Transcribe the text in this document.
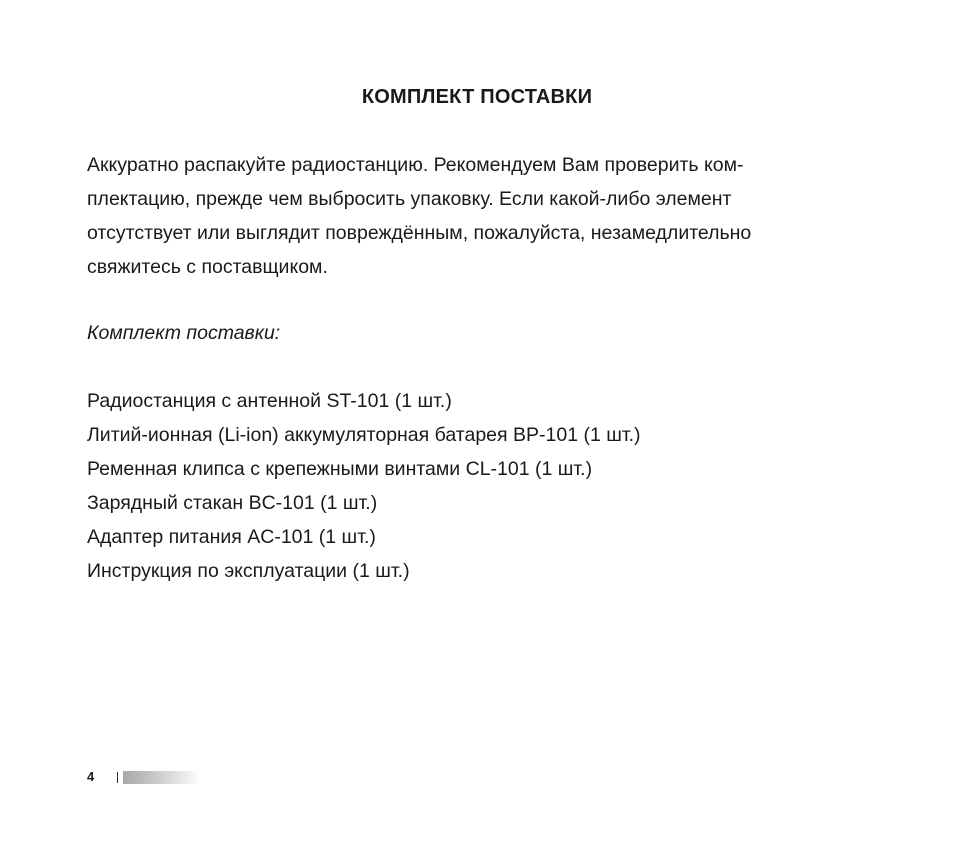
КОМПЛЕКТ ПОСТАВКИ
Аккуратно распакуйте радиостанцию. Рекомендуем Вам проверить ком-
плектацию, прежде чем выбросить упаковку. Если какой-либо элемент
отсутствует или выглядит повреждённым, пожалуйста, незамедлительно
свяжитесь с поставщиком.
Комплект поставки:
Радиостанция с антенной ST-101 (1 шт.)
Литий-ионная (Li-ion) аккумуляторная батарея BP-101 (1 шт.)
Ременная клипса с крепежными винтами CL-101 (1 шт.)
Зарядный стакан BC-101 (1 шт.)
Адаптер питания AC-101 (1 шт.)
Инструкция по эксплуатации (1 шт.)
4
